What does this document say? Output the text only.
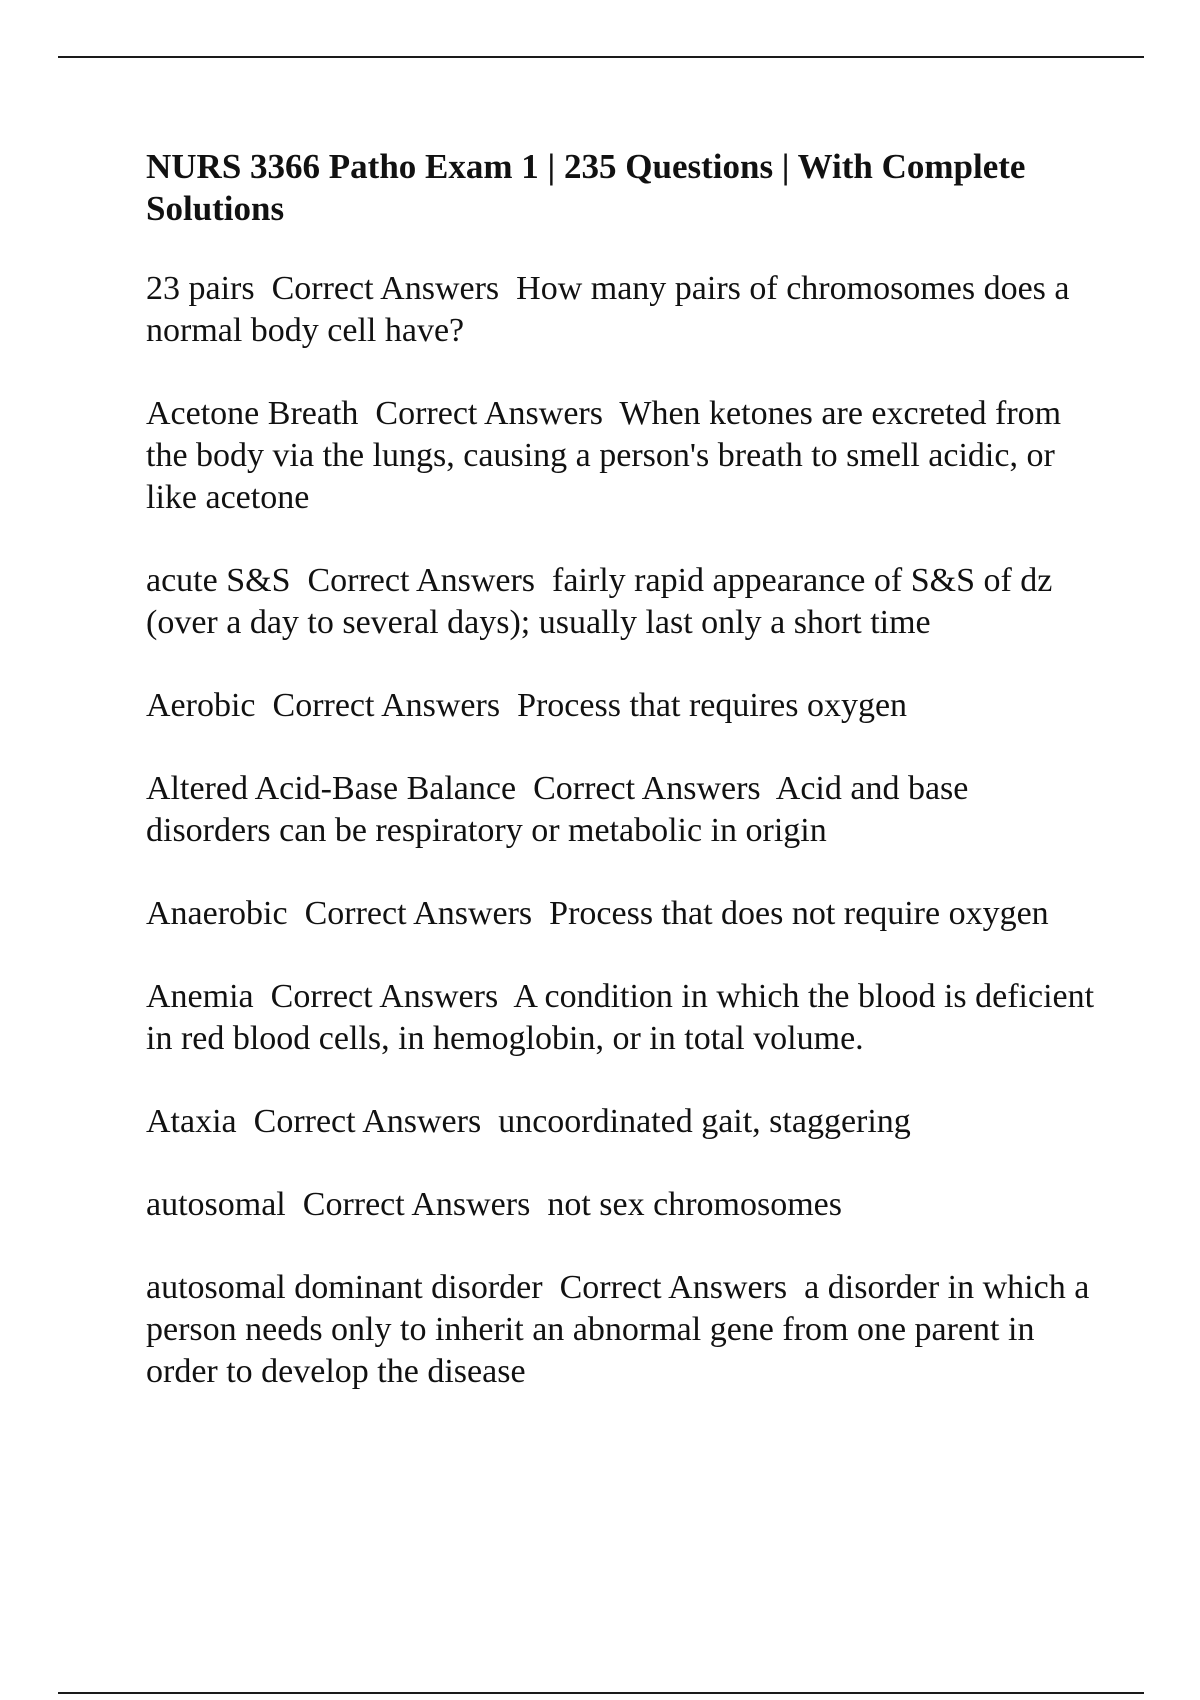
NURS 3366 Patho Exam 1 | 235 Questions | With Complete Solutions

23 pairs Correct Answers How many pairs of chromosomes does a normal body cell have?

Acetone Breath Correct Answers When ketones are excreted from the body via the lungs, causing a person's breath to smell acidic, or like acetone

acute S&S Correct Answers fairly rapid appearance of S&S of dz (over a day to several days); usually last only a short time

Aerobic Correct Answers Process that requires oxygen

Altered Acid-Base Balance Correct Answers Acid and base disorders can be respiratory or metabolic in origin

Anaerobic Correct Answers Process that does not require oxygen

Anemia Correct Answers A condition in which the blood is deficient in red blood cells, in hemoglobin, or in total volume.

Ataxia Correct Answers uncoordinated gait, staggering

autosomal Correct Answers not sex chromosomes

autosomal dominant disorder Correct Answers a disorder in which a person needs only to inherit an abnormal gene from one parent in order to develop the disease
